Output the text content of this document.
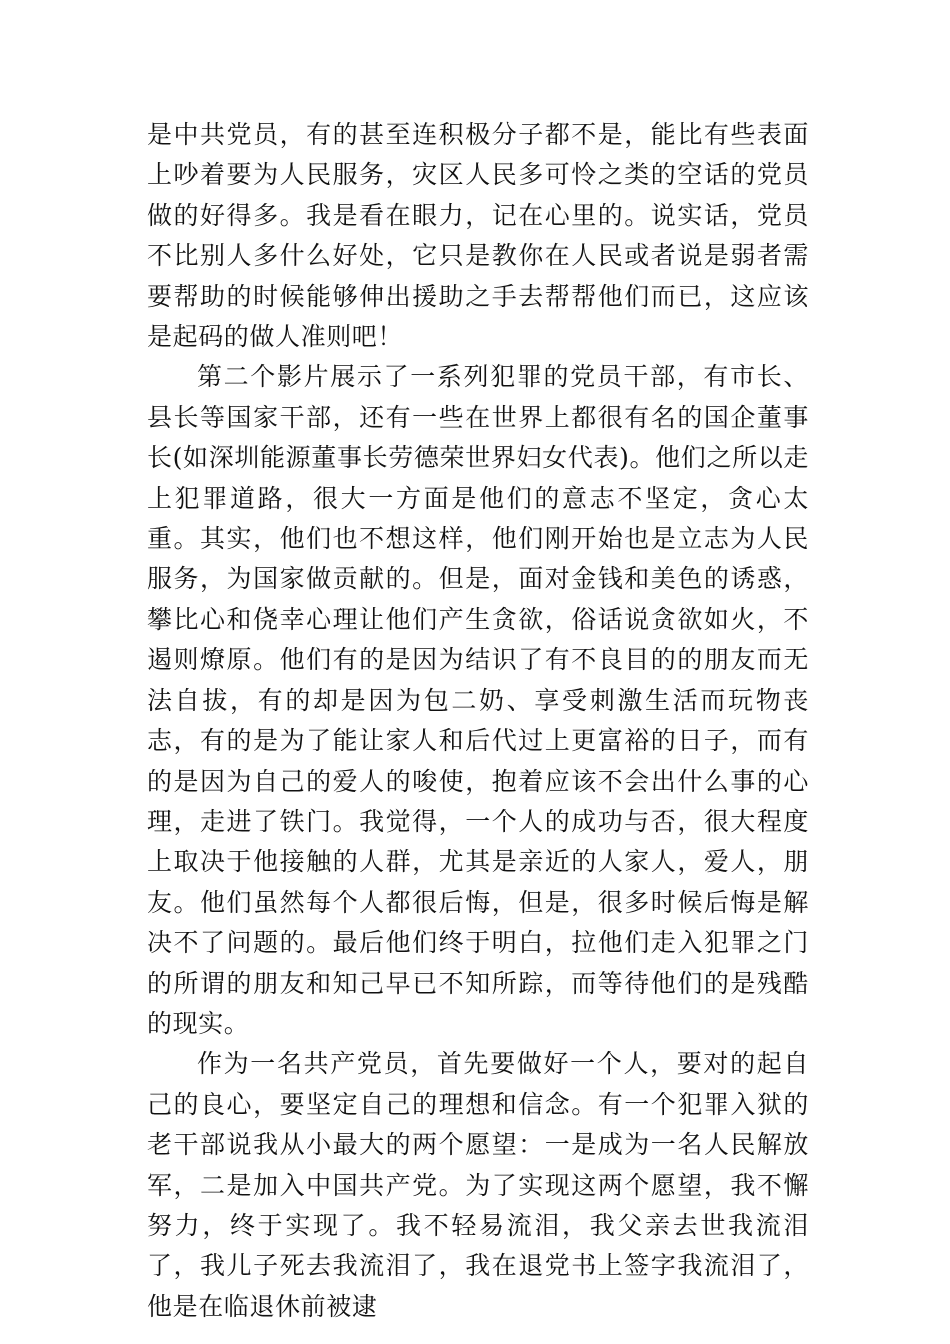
是中共党员，有的甚至连积极分子都不是，能比有些表面上吵着要为人民服务，灾区人民多可怜之类的空话的党员做的好得多。我是看在眼力，记在心里的。说实话，党员不比别人多什么好处，它只是教你在人民或者说是弱者需要帮助的时候能够伸出援助之手去帮帮他们而已，这应该是起码的做人准则吧！

第二个影片展示了一系列犯罪的党员干部，有市长、县长等国家干部，还有一些在世界上都很有名的国企董事长(如深圳能源董事长劳德荣世界妇女代表)。他们之所以走上犯罪道路，很大一方面是他们的意志不坚定，贪心太重。其实，他们也不想这样，他们刚开始也是立志为人民服务，为国家做贡献的。但是，面对金钱和美色的诱惑，攀比心和侥幸心理让他们产生贪欲，俗话说贪欲如火，不遏则燎原。他们有的是因为结识了有不良目的的朋友而无法自拔，有的却是因为包二奶、享受刺激生活而玩物丧志，有的是为了能让家人和后代过上更富裕的日子，而有的是因为自己的爱人的唆使，抱着应该不会出什么事的心理，走进了铁门。我觉得，一个人的成功与否，很大程度上取决于他接触的人群，尤其是亲近的人家人，爱人，朋友。他们虽然每个人都很后悔，但是，很多时候后悔是解决不了问题的。最后他们终于明白，拉他们走入犯罪之门的所谓的朋友和知己早已不知所踪，而等待他们的是残酷的现实。

作为一名共产党员，首先要做好一个人，要对的起自己的良心，要坚定自己的理想和信念。有一个犯罪入狱的老干部说我从小最大的两个愿望：一是成为一名人民解放军，二是加入中国共产党。为了实现这两个愿望，我不懈努力，终于实现了。我不轻易流泪，我父亲去世我流泪了，我儿子死去我流泪了，我在退党书上签字我流泪了，他是在临退休前被逮
